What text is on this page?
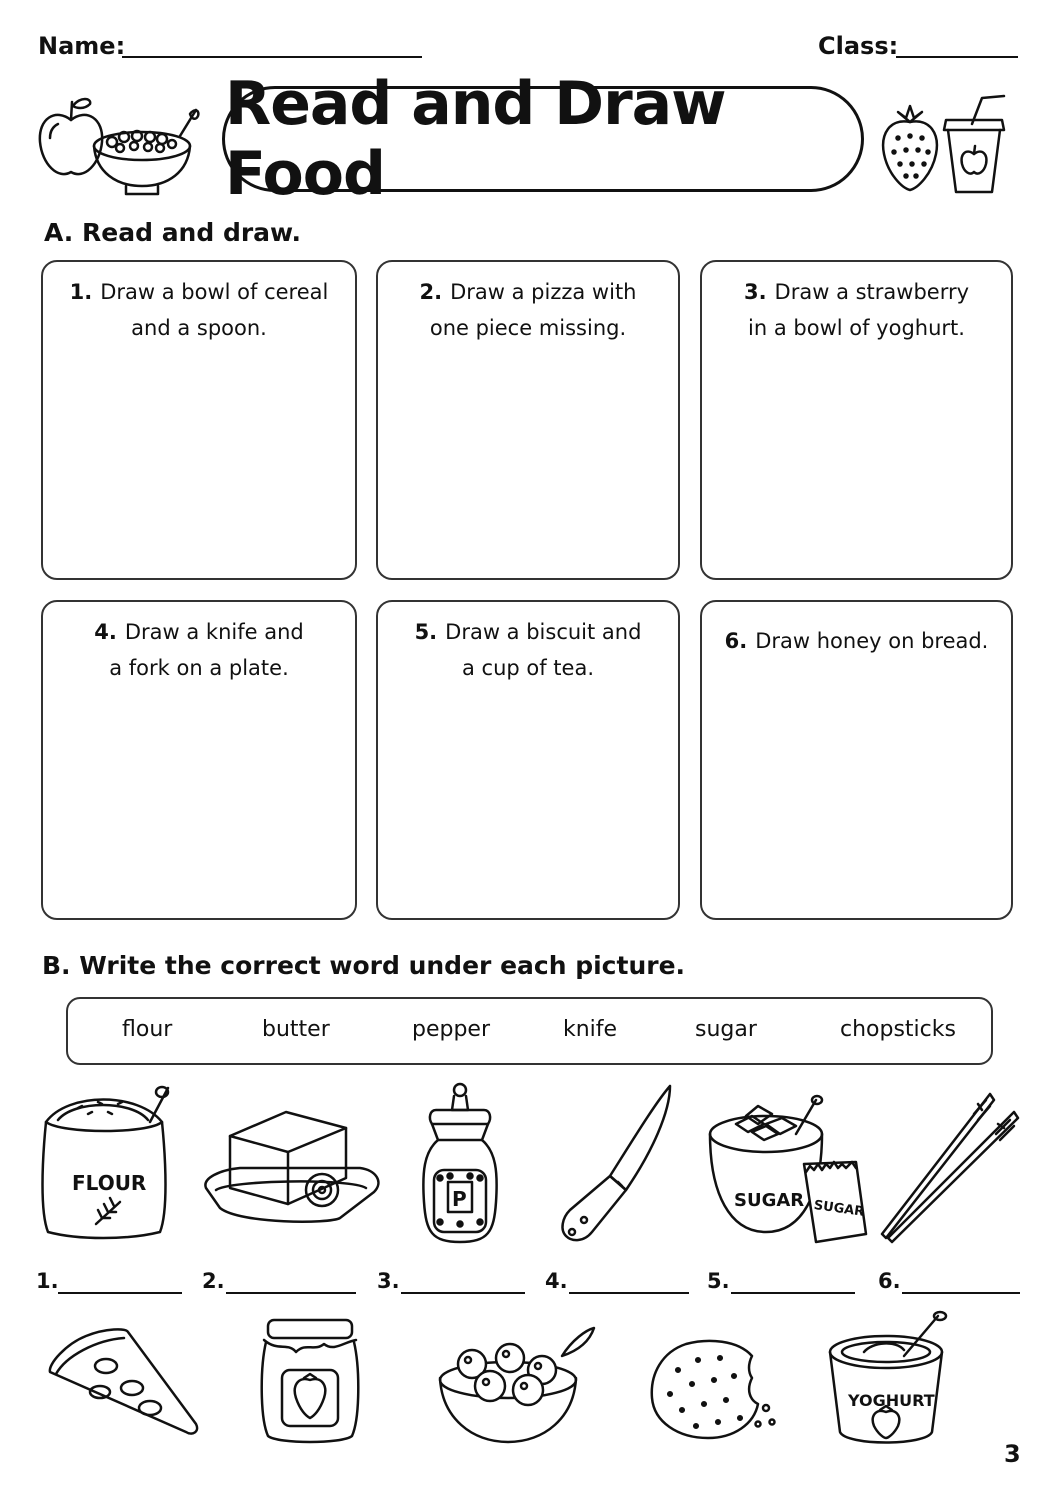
Name:	Class:
Read and Draw Food
A. Read and draw.
1. Draw a bowl of cereal
and a spoon.
2. Draw a pizza with
one piece missing.
3. Draw a strawberry
in a bowl of yoghurt.
4. Draw a knife and
a fork on a plate.
5. Draw a biscuit and
a cup of tea.
6. Draw honey on bread.
B. Write the correct word under each picture.
flour	butter	pepper	knife	sugar	chopsticks
FLOUR
P	SUGAR SUGAR
1.	2.	3.	4.	5.	6.
YOGHURT
3
